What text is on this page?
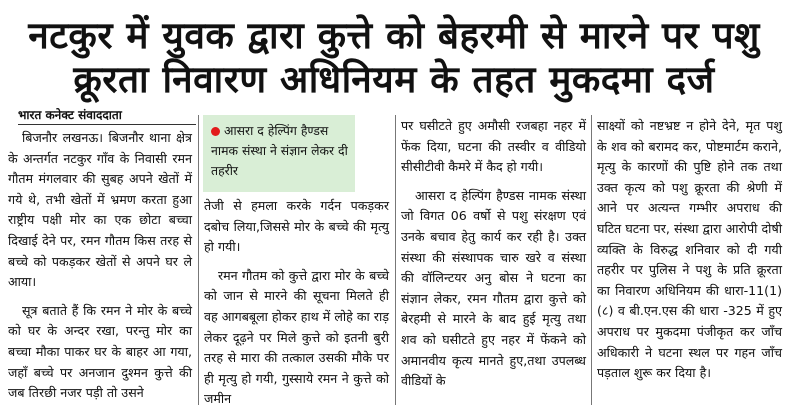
नटकुर में युवक द्वारा कुत्ते को बेहरमी से मारने पर पशु
क्रूरता निवारण अधिनियम के तहत मुकदमा दर्ज
भारत कनेक्ट संवाददाता

बिजनौर लखनऊ। बिजनौर थाना क्षेत्र के अन्तर्गत नटकुर गाँव के निवासी रमन गौतम मंगलवार की सुबह अपने खेतों में गये थे, तभी खेतों में भ्रमण करता हुआ राष्ट्रीय पक्षी मोर का एक छोटा बच्चा दिखाई देने पर, रमन गौतम किस तरह से बच्चे को पकड़कर खेतों से अपने घर ले आया।

सूत्र बताते हैं कि रमन ने मोर के बच्चे को घर के अन्दर रखा, परन्तु मोर का बच्चा मौका पाकर घर के बाहर आ गया, जहाँ बच्चे पर अनजान दुश्मन कुत्ते की जब तिरछी नजर पड़ी तो उसने

आसरा द हेल्पिंग हैण्डस नामक संस्था ने संज्ञान लेकर दी तहरीर

तेजी से हमला करके गर्दन पकड़कर दबोच लिया,जिससे मोर के बच्चे की मृत्यु हो गयी।

रमन गौतम को कुत्ते द्वारा मोर के बच्चे को जान से मारने की सूचना मिलते ही वह आगबबूला होकर हाथ में लोहे का राड़ लेकर दूढ़ने पर मिले कुत्ते को इतनी बुरी तरह से मारा की तत्काल उसकी मौके पर ही मृत्यु हो गयी, गुस्साये रमन ने कुत्ते को जमीन

पर घसीटते हुए अमौसी रजबहा नहर में फेंक दिया, घटना की तस्वीर व वीडियो सीसीटीवी कैमरे में कैद हो गयी।

आसरा द हेल्पिंग हैण्डस नामक संस्था जो विगत 06 वर्षो से पशु संरक्षण एवं उनके बचाव हेतु कार्य कर रही है। उक्त संस्था की संस्थापक चारु खरे व संस्था की वॉलिन्टयर अनु बोस ने घटना का संज्ञान लेकर, रमन गौतम द्वारा कुत्ते को बेरहमी से मारने के बाद हुई मृत्यु तथा शव को घसीटते हुए नहर में फेंकने को अमानवीय कृत्य मानते हुए,तथा उपलब्ध वीडियों के

साक्ष्यों को नष्टभ्रष्ट न होने देने, मृत पशु के शव को बरामद कर, पोष्टमार्टम कराने, मृत्यु के कारणों की पुष्टि होने तक तथा उक्त कृत्य को पशु क्रूरता की श्रेणी में आने पर अत्यन्त गम्भीर अपराध की घटित घटना पर, संस्था द्वारा आरोपी दोषी व्यक्ति के विरुद्ध शनिवार को दी गयी तहरीर पर पुलिस ने पशु के प्रति क्रूरता का निवारण अधिनियम की धारा-11(1)(८) व बी.एन.एस की धारा -325 में हुए अपराध पर मुकदमा पंजीकृत कर जाँच अधिकारी ने घटना स्थल पर गहन जाँच पड़ताल शुरू कर दिया है।
